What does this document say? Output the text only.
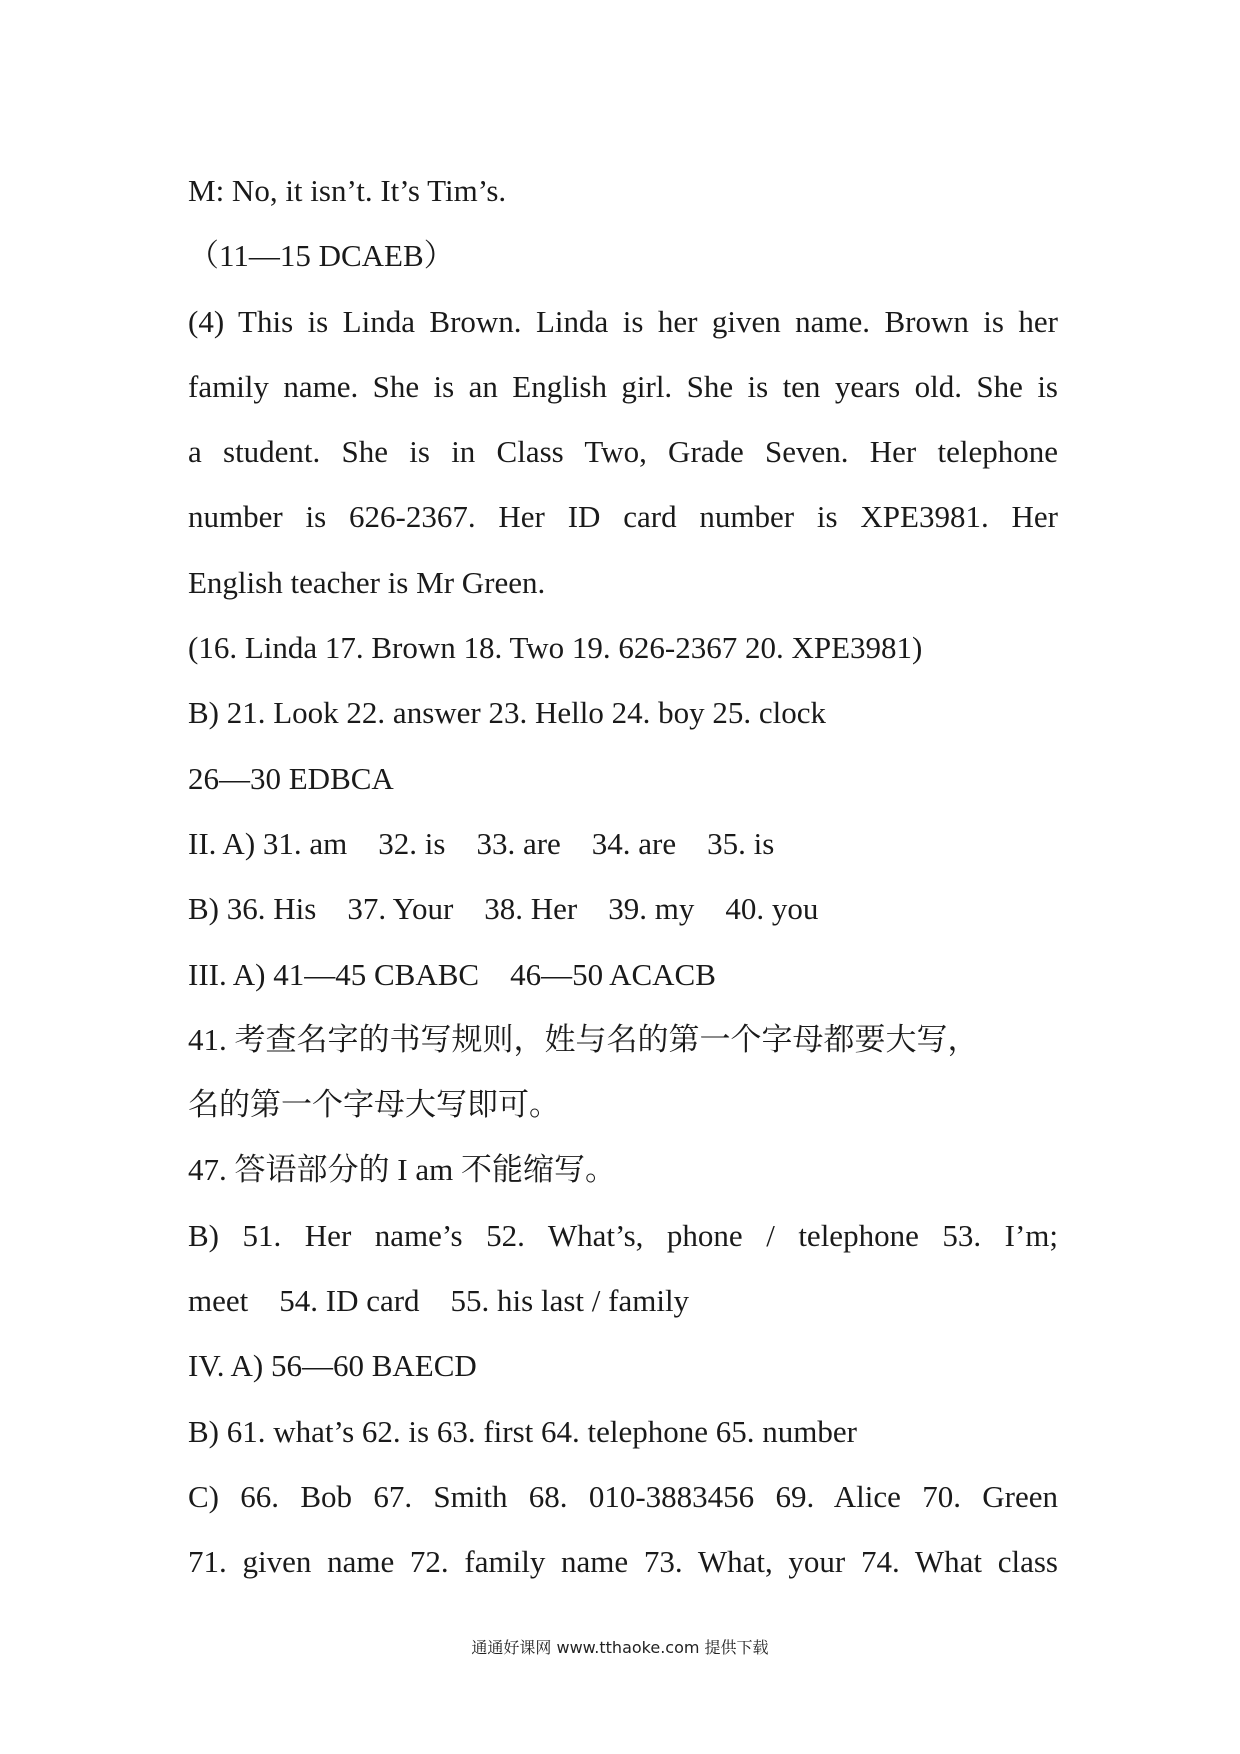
M: No, it isn’t. It’s Tim’s.
（11—15 DCAEB）
(4) This is Linda Brown. Linda is her given name. Brown is her
family name. She is an English girl. She is ten years old. She is
a student. She is in Class Two, Grade Seven. Her telephone
number is 626-2367. Her ID card number is XPE3981. Her
English teacher is Mr Green.
(16. Linda 17. Brown 18. Two 19. 626-2367 20. XPE3981)
B) 21. Look 22. answer 23. Hello 24. boy 25. clock
26—30 EDBCA
II. A) 31. am    32. is    33. are    34. are    35. is
B) 36. His    37. Your    38. Her    39. my    40. you
III. A) 41—45 CBABC    46—50 ACACB
41. 考查名字的书写规则，姓与名的第一个字母都要大写，
名的第一个字母大写即可。
47. 答语部分的 I am 不能缩写。
B) 51. Her name’s 52. What’s, phone / telephone 53. I’m;
meet    54. ID card    55. his last / family
IV. A) 56—60 BAECD
B) 61. what’s 62. is 63. first 64. telephone 65. number
C) 66. Bob 67. Smith 68. 010-3883456 69. Alice 70. Green
71. given name 72. family name 73. What, your 74. What class
通通好课网 www.tthaoke.com 提供下载
